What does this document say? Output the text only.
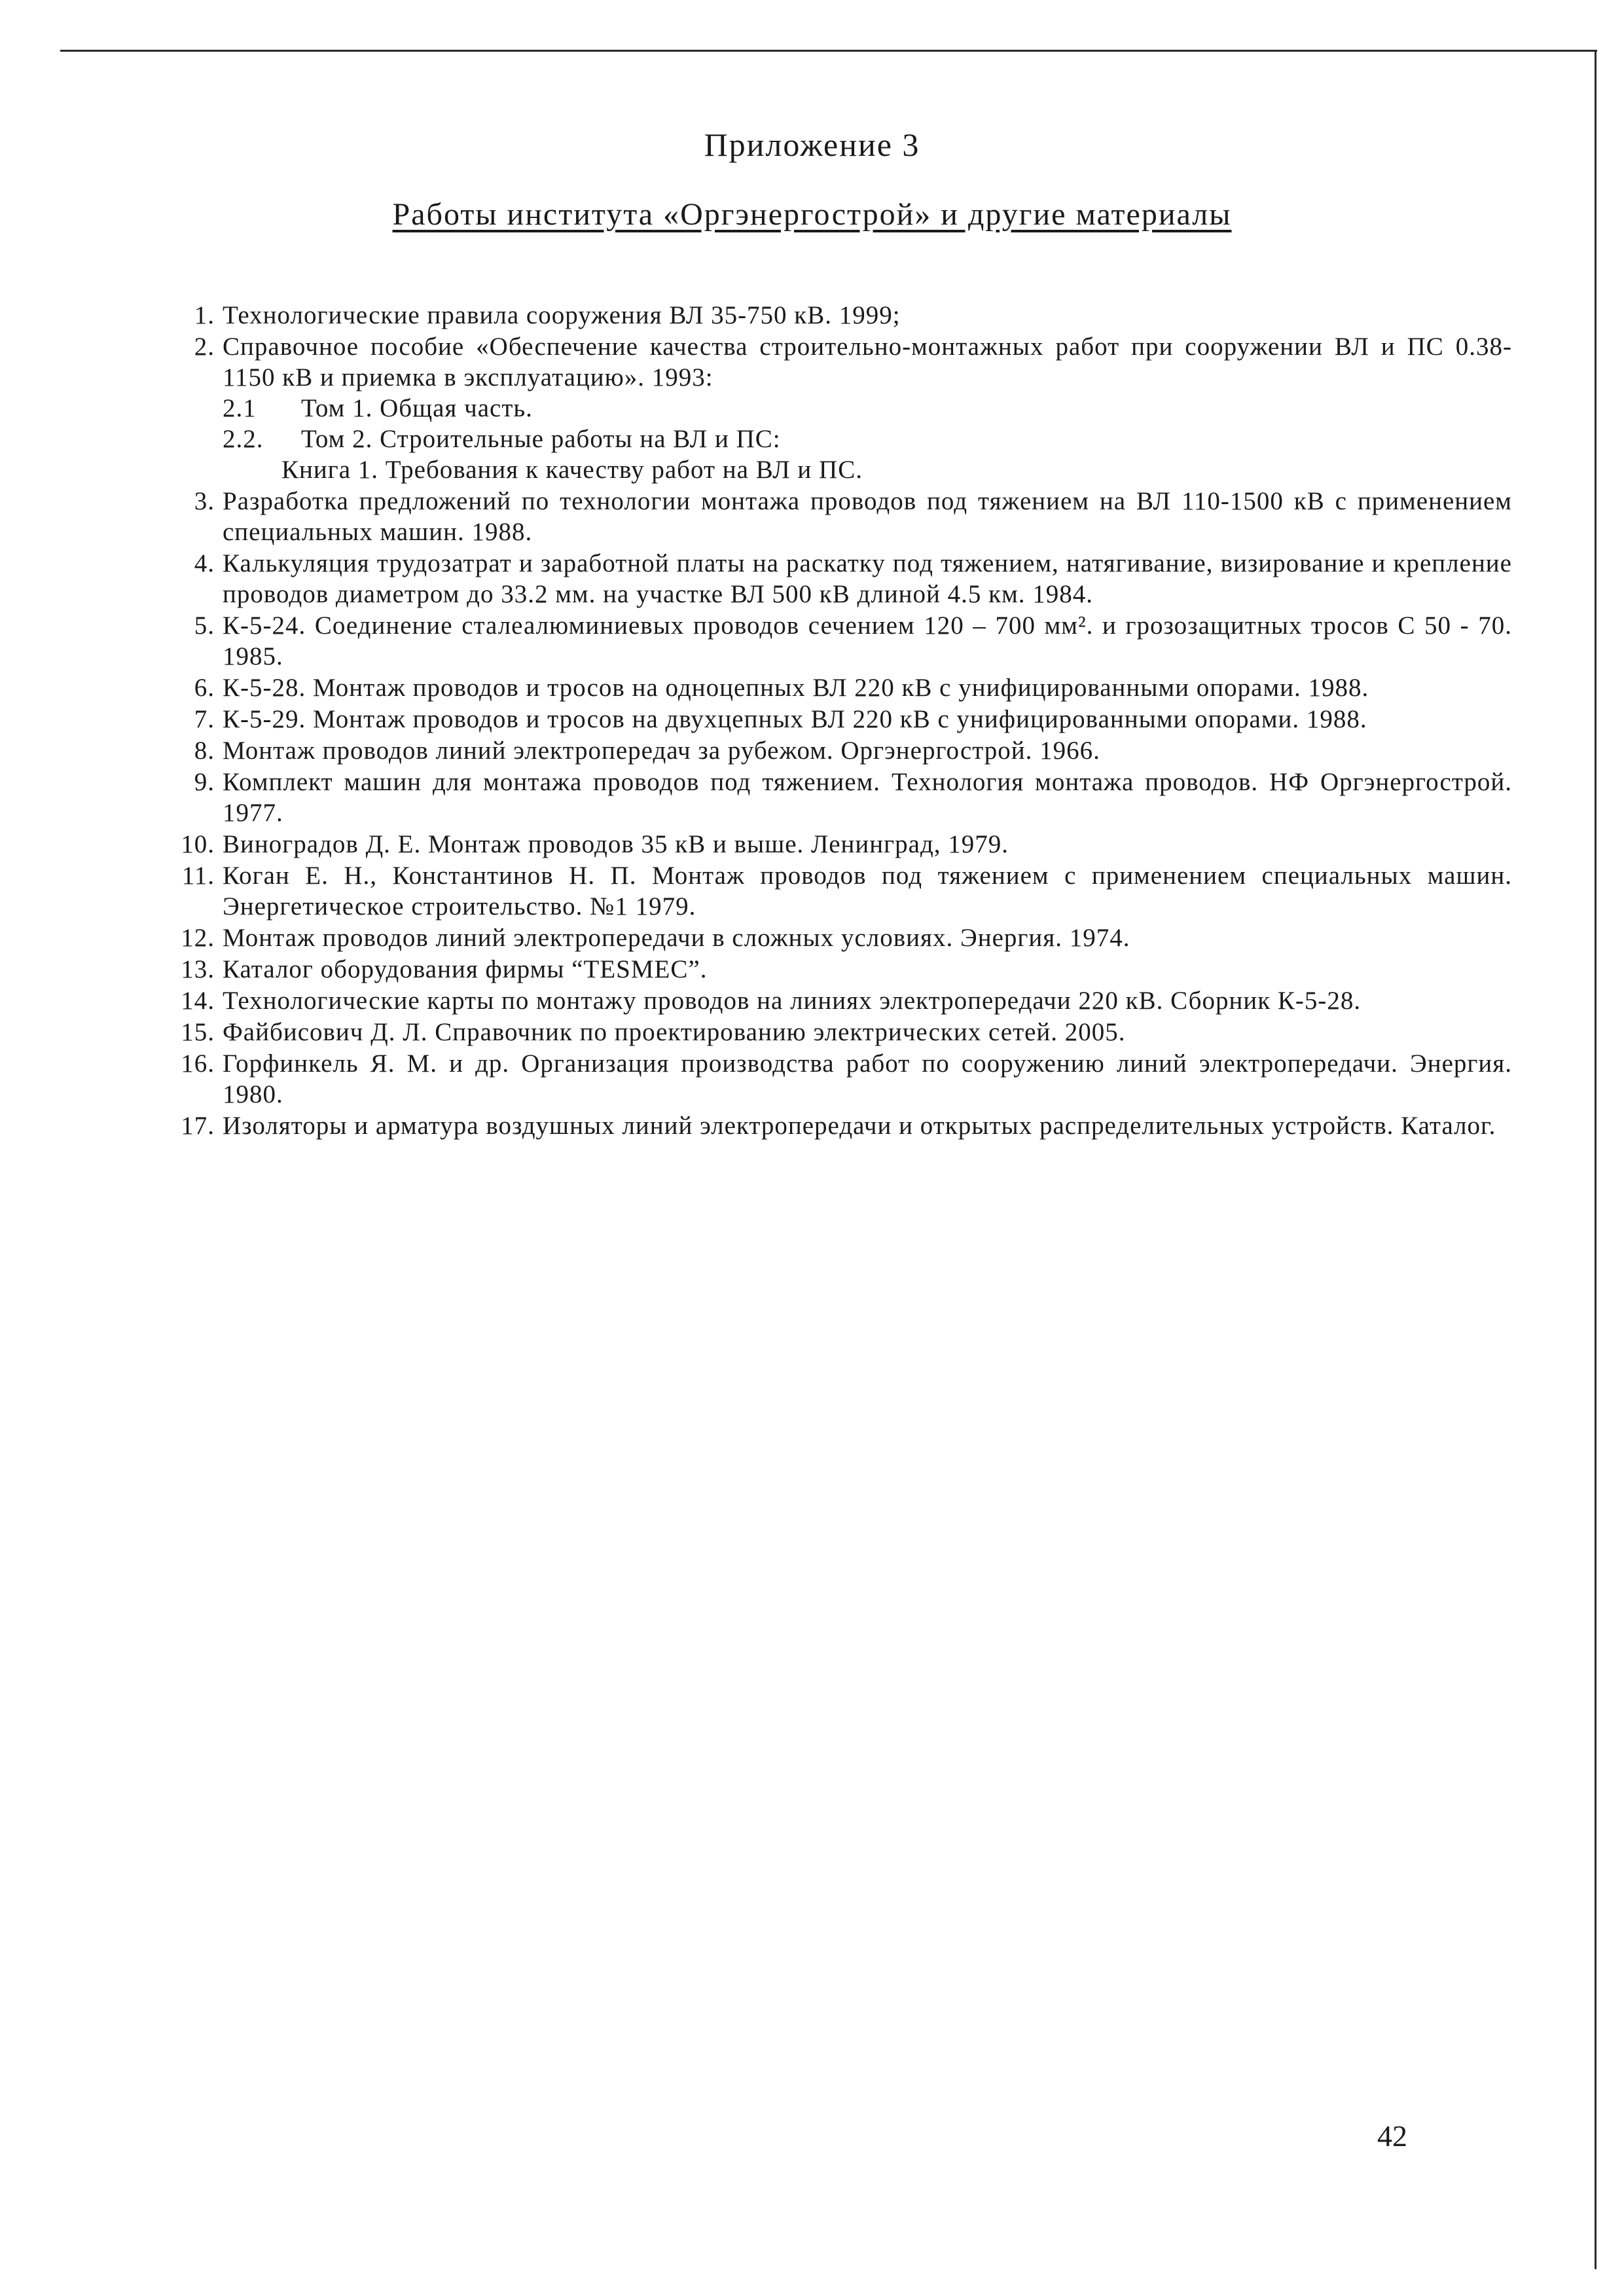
Приложение 3
Работы института «Оргэнергострой» и другие материалы
1. Технологические правила сооружения ВЛ 35-750 кВ. 1999;
2. Справочное пособие «Обеспечение качества строительно-монтажных работ при сооружении ВЛ и ПС 0.38-1150 кВ и приемка в эксплуатацию». 1993:
2.1 Том 1. Общая часть.
2.2. Том 2. Строительные работы на ВЛ и ПС:
Книга 1. Требования к качеству работ на ВЛ и ПС.
3. Разработка предложений по технологии монтажа проводов под тяжением на ВЛ 110-1500 кВ с применением специальных машин. 1988.
4. Калькуляция трудозатрат и заработной платы на раскатку под тяжением, натягивание, визирование и крепление проводов диаметром до 33.2 мм. на участке ВЛ 500 кВ длиной 4.5 км. 1984.
5. К-5-24. Соединение сталеалюминиевых проводов сечением 120 – 700 мм². и грозозащитных тросов С 50 - 70. 1985.
6. К-5-28. Монтаж проводов и тросов на одноцепных ВЛ 220 кВ с унифицированными опорами. 1988.
7. К-5-29. Монтаж проводов и тросов на двухцепных ВЛ 220 кВ с унифицированными опорами. 1988.
8. Монтаж проводов линий электропередач за рубежом. Оргэнергострой. 1966.
9. Комплект машин для монтажа проводов под тяжением. Технология монтажа проводов. НФ Оргэнергострой. 1977.
10. Виноградов Д. Е. Монтаж проводов 35 кВ и выше. Ленинград, 1979.
11. Коган Е. Н., Константинов Н. П. Монтаж проводов под тяжением с применением специальных машин. Энергетическое строительство. №1 1979.
12. Монтаж проводов линий электропередачи в сложных условиях. Энергия. 1974.
13. Каталог оборудования фирмы “TESMEC”.
14. Технологические карты по монтажу проводов на линиях электропередачи 220 кВ. Сборник К-5-28.
15. Файбисович Д. Л. Справочник по проектированию электрических сетей. 2005.
16. Горфинкель Я. М. и др. Организация производства работ по сооружению линий электропередачи. Энергия. 1980.
17. Изоляторы и арматура воздушных линий электропередачи и открытых распределительных устройств. Каталог.
42
